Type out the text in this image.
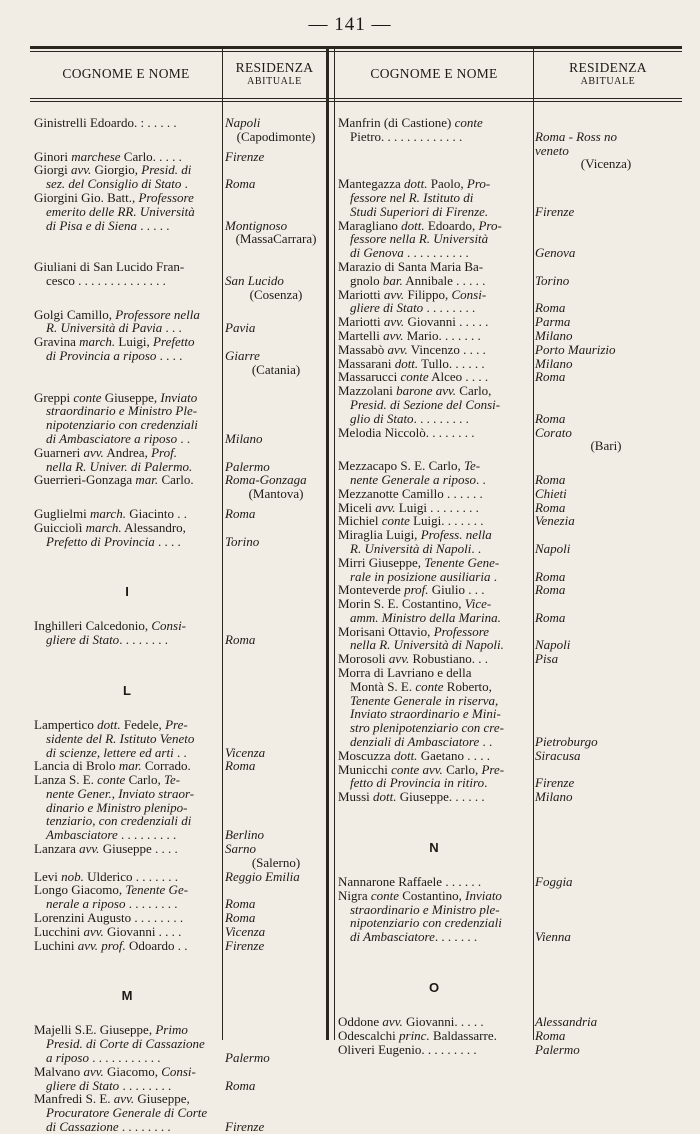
— 141 —
COGNOME E NOME	RESIDENZA
ABITUALE
COGNOME E NOME	RESIDENZA
ABITUALE
Ginistrelli Edoardo. : . . . . .	Napoli
(Capodimonte)
Ginori marchese Carlo. . . . .	Firenze
Giorgi avv. Giorgio, Presid. di
sez. del Consiglio di Stato .
	Roma
Giorgini Gio. Batt., Professore
emerito delle RR. Università
di Pisa e di Siena . . . . .

	Montignoso
(MassaCarrara)
Giuliani di San Lucido Fran-
cesco . . . . . . . . . . . . . .
	San Lucido
(Cosenza)
Golgi Camillo, Professore nella
R. Università di Pavia . . .
	Pavia
Gravina march. Luigi, Prefetto
di Provincia a riposo . . . .
	Giarre
(Catania)
Greppi conte Giuseppe, Inviato
straordinario e Ministro Ple-
nipotenziario con credenziali
di Ambasciatore a riposo . .

	Milano
Guarneri avv. Andrea, Prof.
nella R. Univer. di Palermo.
	Palermo
Guerrieri-Gonzaga mar. Carlo.	Roma-Gonzaga
(Mantova)
Guglielmi march. Giacinto . .	Roma
Guicciolì march. Alessandro,
Prefetto di Provincia . . . .
	Torino
I
Inghilleri Calcedonio, Consi-
gliere di Stato. . . . . . . .
	Roma
L
Lampertico dott. Fedele, Pre-
sidente del R. Istituto Veneto
di scienze, lettere ed arti . .

	Vicenza
Lancia di Brolo mar. Corrado.	Roma
Lanza S. E. conte Carlo, Te-
nente Gener., Inviato straor-
dinario e Ministro plenipo-
tenziario, con credenziali di
Ambasciatore . . . . . . . . .

	Berlino
Lanzara avv. Giuseppe . . . .	Sarno
(Salerno)
Levi nob. Ulderico . . . . . . .	Reggio Emilia
Longo Giacomo, Tenente Ge-
nerale a riposo . . . . . . . .
	Roma
Lorenzini Augusto . . . . . . . .	Roma
Lucchini avv. Giovanni . . . .	Vicenza
Luchini avv. prof. Odoardo . .	Firenze
M
Majelli S.E. Giuseppe, Primo
Presid. di Corte di Cassazione
a riposo . . . . . . . . . . .

	Palermo
Malvano avv. Giacomo, Consi-
gliere di Stato . . . . . . . .
	Roma
Manfredi S. E. avv. Giuseppe,
Procuratore Generale di Corte
di Cassazione . . . . . . . .

	Firenze
Manfrin (di Castione) conte
Pietro. . . . . . . . . . . . .
	Roma - Ross no
veneto
(Vicenza)
Mantegazza dott. Paolo, Pro-
fessore nel R. Istituto di
Studi Superiori di Firenze.

	Firenze
Maragliano dott. Edoardo, Pro-
fessore nella R. Università
di Genova . . . . . . . . . .

	Genova
Marazio di Santa Maria Ba-
gnolo bar. Annibale . . . . .
	Torino
Mariotti avv. Filippo, Consi-
gliere di Stato . . . . . . . .
	Roma
Mariotti avv. Giovanni . . . . .	Parma
Martelli avv. Mario. . . . . . .	Milano
Massabò avv. Vincenzo . . . .	Porto Maurizio
Massarani dott. Tullo. . . . . .	Milano
Massarucci conte Alceo . . . .	Roma
Mazzolani barone avv. Carlo,
Presid. di Sezione del Consi-
glio di Stato. . . . . . . . .

	Roma
Melodia Niccolò. . . . . . . .	Corato
(Bari)
Mezzacapo S. E. Carlo, Te-
nente Generale a riposo. .
	Roma
Mezzanotte Camillo . . . . . .	Chieti
Miceli avv. Luigi . . . . . . . .	Roma
Michiel conte Luigi. . . . . . .	Venezia
Miraglia Luigi, Profess. nella
R. Università di Napoli. .
	Napoli
Mirri Giuseppe, Tenente Gene-
rale in posizione ausiliaria .
	Roma
Monteverde prof. Giulio . . .	Roma
Morin S. E. Costantino, Vice-
amm. Ministro della Marina.
	Roma
Morisani Ottavio, Professore
nella R. Università di Napoli.
	Napoli
Morosoli avv. Robustiano. . .	Pisa
Morra di Lavriano e della
Montà S. E. conte Roberto,
Tenente Generale in riserva,
Inviato straordinario e Mini-
stro plenipotenziario con cre-
denziali di Ambasciatore . .

	Pietroburgo
Moscuzza dott. Gaetano . . . .	Siracusa
Municchi conte avv. Carlo, Pre-
fetto di Provincia in ritiro.
	Firenze
Mussi dott. Giuseppe. . . . . .	Milano
N
Nannarone Raffaele . . . . . .	Foggia
Nigra conte Costantino, Inviato
straordinario e Ministro ple-
nipotenziario con credenziali
di Ambasciatore. . . . . . .

	Vienna
O
Oddone avv. Giovanni. . . . .	Alessandria
Odescalchi princ. Baldassarre.	Roma
Oliveri Eugenio. . . . . . . . .	Palermo
